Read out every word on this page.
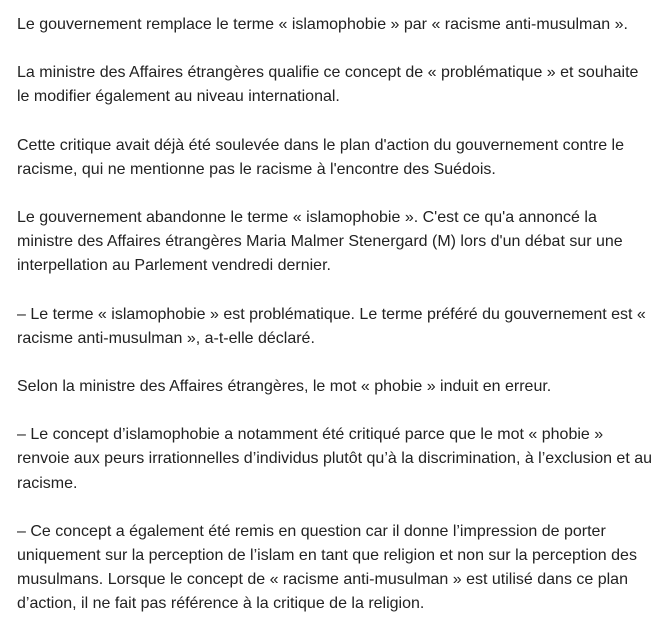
Le gouvernement remplace le terme « islamophobie » par « racisme anti-musulman ».

La ministre des Affaires étrangères qualifie ce concept de « problématique » et souhaite le modifier également au niveau international.

Cette critique avait déjà été soulevée dans le plan d'action du gouvernement contre le racisme, qui ne mentionne pas le racisme à l'encontre des Suédois.

Le gouvernement abandonne le terme « islamophobie ». C'est ce qu'a annoncé la ministre des Affaires étrangères Maria Malmer Stenergard (M) lors d'un débat sur une interpellation au Parlement vendredi dernier.

– Le terme « islamophobie » est problématique. Le terme préféré du gouvernement est « racisme anti-musulman », a-t-elle déclaré.

Selon la ministre des Affaires étrangères, le mot « phobie » induit en erreur.

– Le concept d’islamophobie a notamment été critiqué parce que le mot « phobie » renvoie aux peurs irrationnelles d’individus plutôt qu’à la discrimination, à l’exclusion et au racisme.

– Ce concept a également été remis en question car il donne l’impression de porter uniquement sur la perception de l’islam en tant que religion et non sur la perception des musulmans. Lorsque le concept de « racisme anti-musulman » est utilisé dans ce plan d’action, il ne fait pas référence à la critique de la religion.
